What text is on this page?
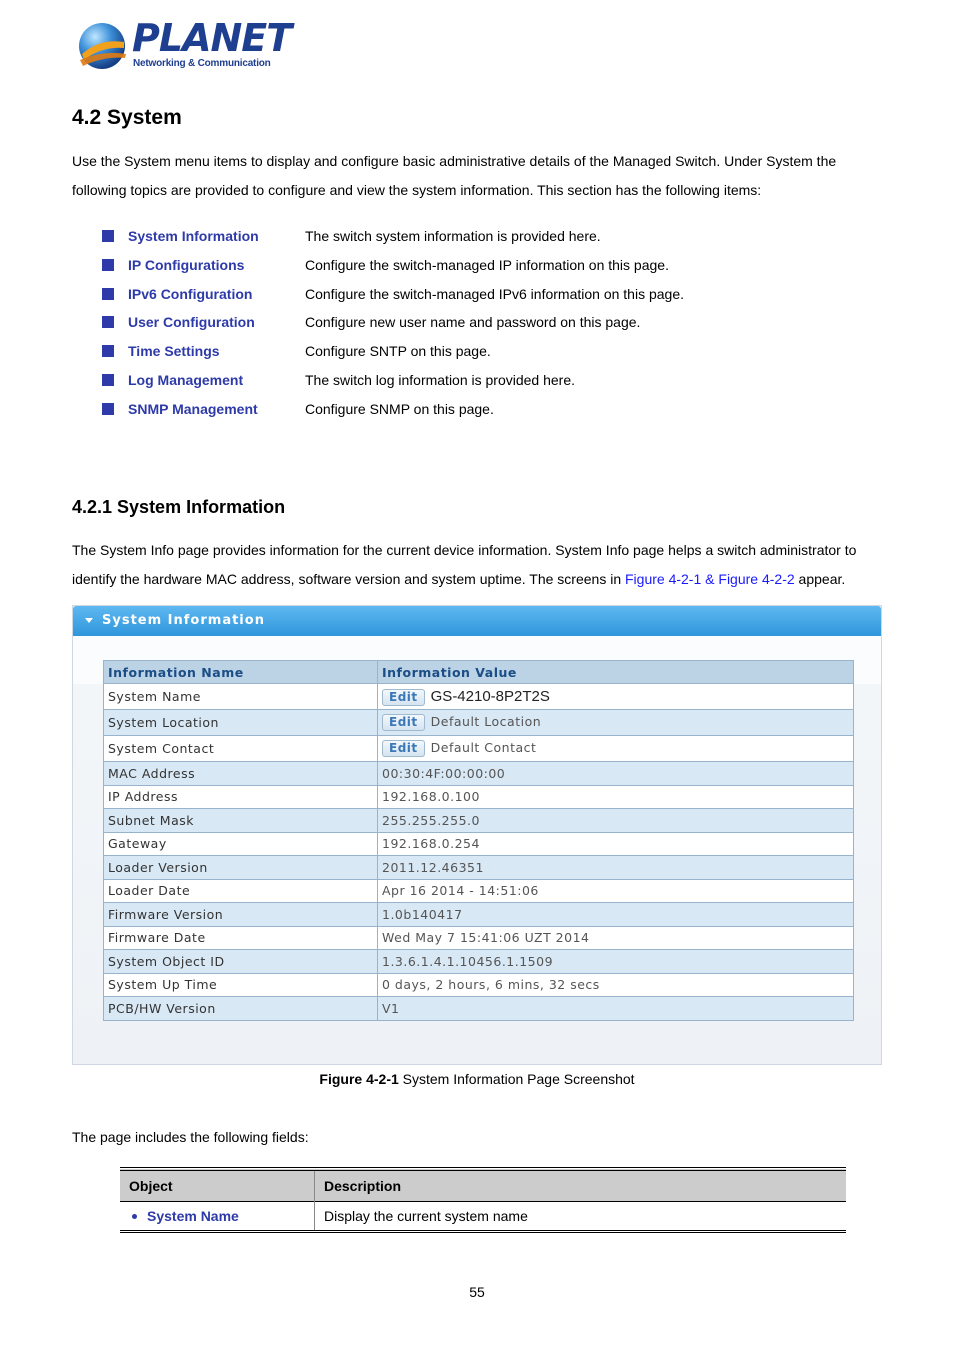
PLANET
Networking & Communication
4.2 System
Use the System menu items to display and configure basic administrative details of the Managed Switch. Under System the
following topics are provided to configure and view the system information. This section has the following items:
System Information	The switch system information is provided here.
IP Configurations	Configure the switch-managed IP information on this page.
IPv6 Configuration	Configure the switch-managed IPv6 information on this page.
User Configuration	Configure new user name and password on this page.
Time Settings	Configure SNTP on this page.
Log Management	The switch log information is provided here.
SNMP Management	Configure SNMP on this page.
4.2.1 System Information
The System Info page provides information for the current device information. System Info page helps a switch administrator to
identify the hardware MAC address, software version and system uptime. The screens in Figure 4-2-1 & Figure 4-2-2 appear.
System Information
Information Name	Information Value
System Name	Edit GS-4210-8P2T2S
System Location	Edit Default Location
System Contact	Edit Default Contact
MAC Address	00:30:4F:00:00:00
IP Address	192.168.0.100
Subnet Mask	255.255.255.0
Gateway	192.168.0.254
Loader Version	2011.12.46351
Loader Date	Apr 16 2014 - 14:51:06
Firmware Version	1.0b140417
Firmware Date	Wed May 7 15:41:06 UZT 2014
System Object ID	1.3.6.1.4.1.10456.1.1509
System Up Time	0 days, 2 hours, 6 mins, 32 secs
PCB/HW Version	V1
Figure 4-2-1 System Information Page Screenshot
The page includes the following fields:
Object	Description
System Name	Display the current system name
55
